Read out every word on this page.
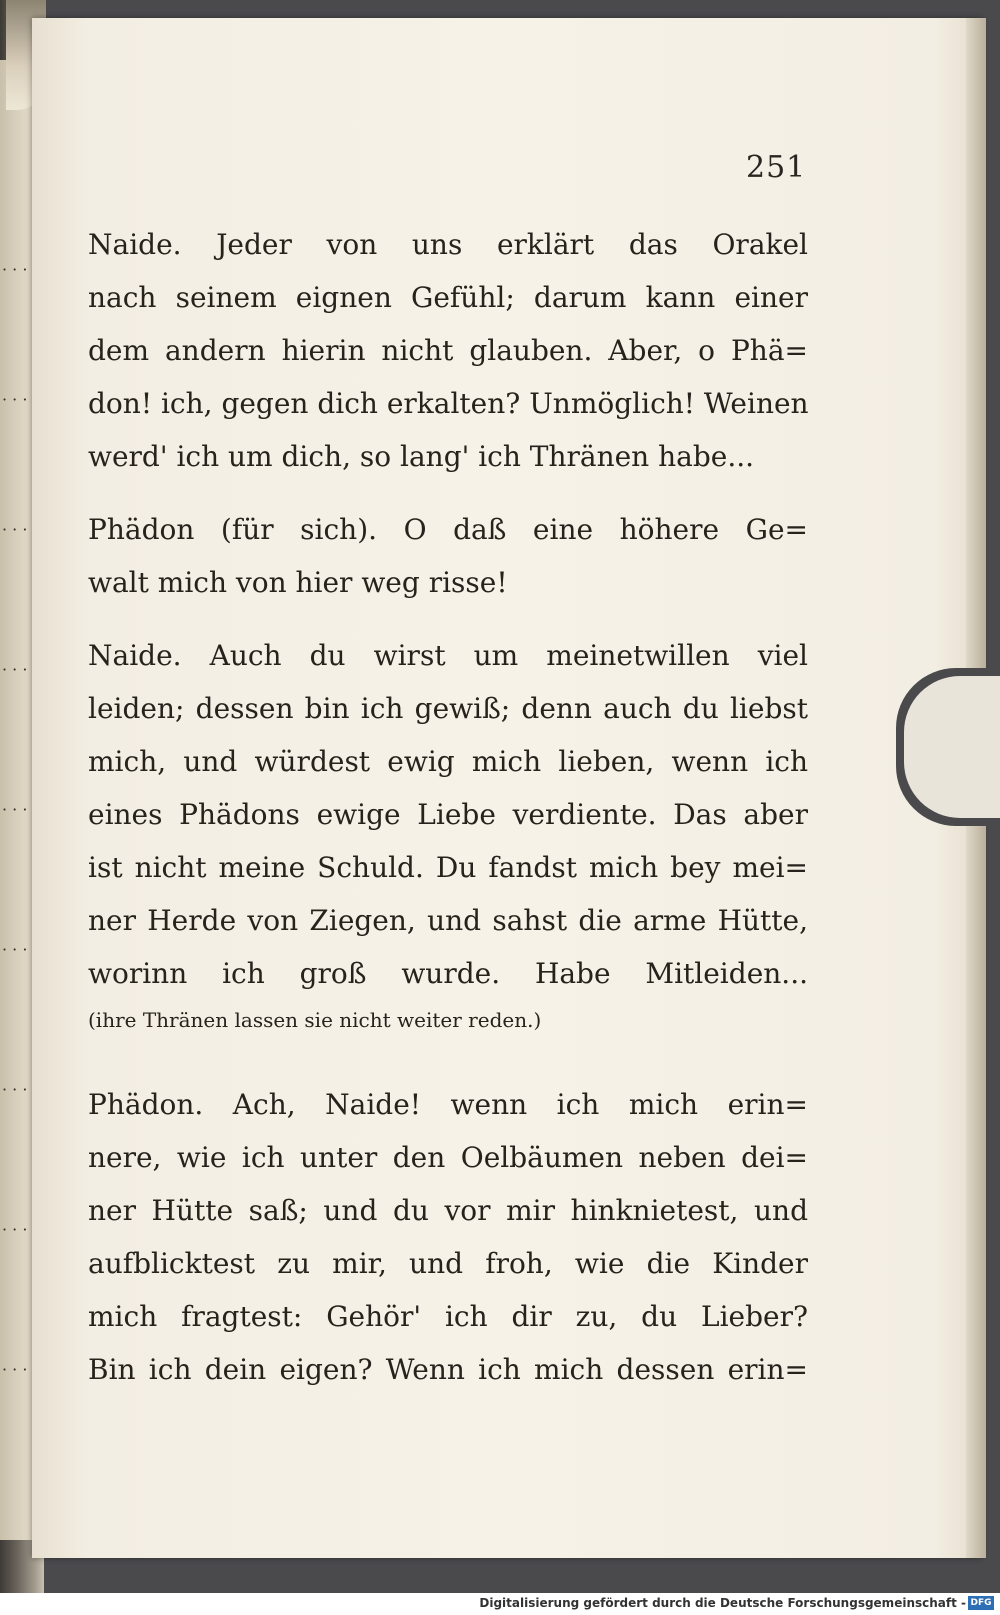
· · ·
· · ·
· · ·
· · ·
· · ·
· · ·
· · ·
· · ·
· · ·
251
Naide. Jeder von uns erklärt das Orakel
nach seinem eignen Gefühl; darum kann einer
dem andern hierin nicht glauben. Aber, o Phä=
don! ich, gegen dich erkalten? Unmöglich! Weinen
werd' ich um dich, so lang' ich Thränen habe...
Phädon (für sich). O daß eine höhere Ge=
walt mich von hier weg risse!
Naide. Auch du wirst um meinetwillen viel
leiden; dessen bin ich gewiß; denn auch du liebst
mich, und würdest ewig mich lieben, wenn ich
eines Phädons ewige Liebe verdiente. Das aber
ist nicht meine Schuld. Du fandst mich bey mei=
ner Herde von Ziegen, und sahst die arme Hütte,
worinn ich groß wurde. Habe Mitleiden...
(ihre Thränen lassen sie nicht weiter reden.)
Phädon. Ach, Naide! wenn ich mich erin=
nere, wie ich unter den Oelbäumen neben dei=
ner Hütte saß; und du vor mir hinknietest, und
aufblicktest zu mir, und froh, wie die Kinder
mich fragtest: Gehör' ich dir zu, du Lieber?
Bin ich dein eigen? Wenn ich mich dessen erin=
Digitalisierung gefördert durch die Deutsche Forschungsgemeinschaft - DFG
